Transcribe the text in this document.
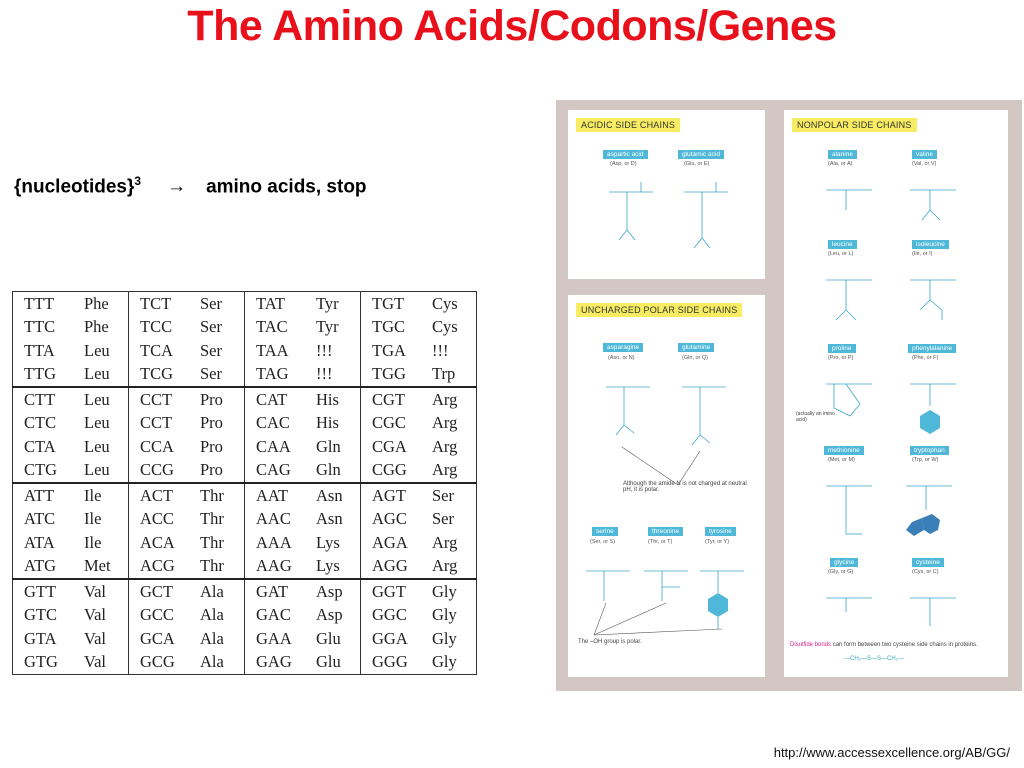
The Amino Acids/Codons/Genes
{nucleotides}$^3$ → amino acids, stop
TTT	Phe	TCT	Ser	TAT	Tyr	TGT	Cys
TTC	Phe	TCC	Ser	TAC	Tyr	TGC	Cys
TTA	Leu	TCA	Ser	TAA	!!!	TGA	!!!
TTG	Leu	TCG	Ser	TAG	!!!	TGG	Trp
CTT	Leu	CCT	Pro	CAT	His	CGT	Arg
CTC	Leu	CCT	Pro	CAC	His	CGC	Arg
CTA	Leu	CCA	Pro	CAA	Gln	CGA	Arg
CTG	Leu	CCG	Pro	CAG	Gln	CGG	Arg
ATT	Ile	ACT	Thr	AAT	Asn	AGT	Ser
ATC	Ile	ACC	Thr	AAC	Asn	AGC	Ser
ATA	Ile	ACA	Thr	AAA	Lys	AGA	Arg
ATG	Met	ACG	Thr	AAG	Lys	AGG	Arg
GTT	Val	GCT	Ala	GAT	Asp	GGT	Gly
GTC	Val	GCC	Ala	GAC	Asp	GGC	Gly
GTA	Val	GCA	Ala	GAA	Glu	GGA	Gly
GTG	Val	GCG	Ala	GAG	Glu	GGG	Gly
ACIDIC SIDE CHAINS
aspartic acid
(Asp, or D)
glutamic acid
(Glu, or E)
UNCHARGED POLAR SIDE CHAINS
asparagine
(Asn, or N)
glutamine
(Gln, or Q)
Although the amide N is not charged at neutral pH, it is polar.
serine
(Ser, or S)
threonine
(Thr, or T)
tyrosine
(Tyr, or Y)
The –OH group is polar.
NONPOLAR SIDE CHAINS
alanine
(Ala, or A)
valine
(Val, or V)
leucine
(Leu, or L)
isoleucine
(Ile, or I)
proline
(Pro, or P)
phenylalanine
(Phe, or F)
(actually an imino acid)
methionine
(Met, or M)
tryptophan
(Trp, or W)
glycine
(Gly, or G)
cysteine
(Cys, or C)
Disulfide bonds can form between two cysteine side chains in proteins.
—CH₂—S—S—CH₂—
http://www.accessexcellence.org/AB/GG/
